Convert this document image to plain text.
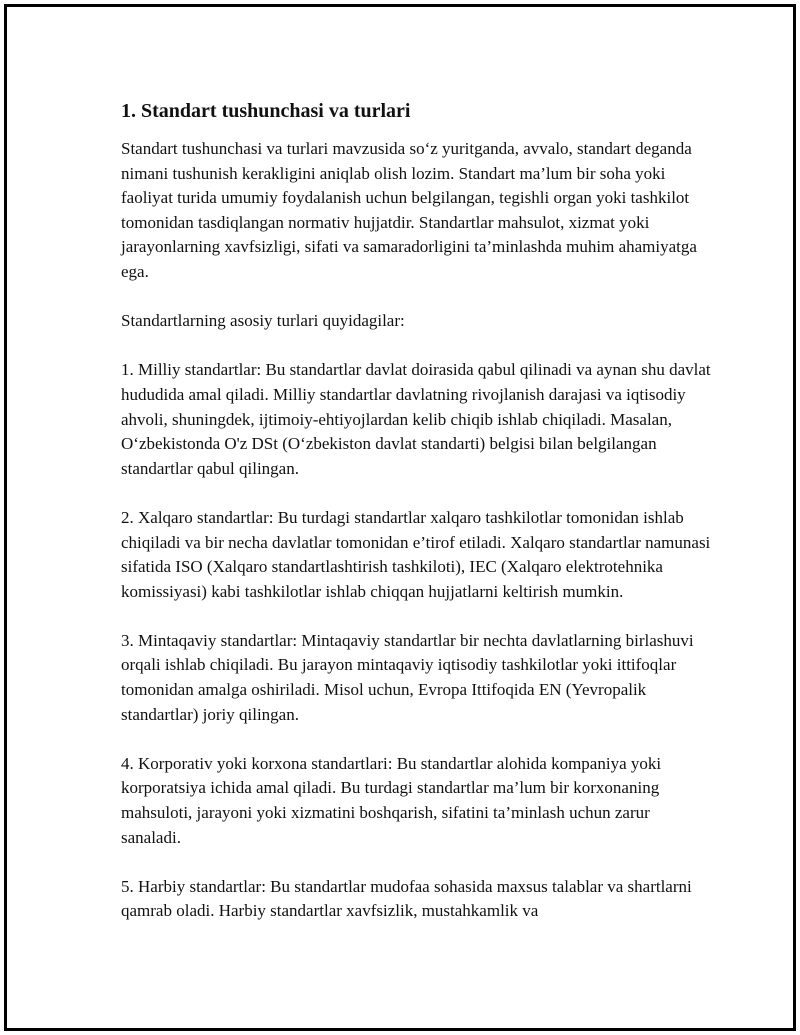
1. Standart tushunchasi va turlari

Standart tushunchasi va turlari mavzusida so‘z yuritganda, avvalo, standart deganda nimani tushunish kerakligini aniqlab olish lozim. Standart ma’lum bir soha yoki faoliyat turida umumiy foydalanish uchun belgilangan, tegishli organ yoki tashkilot tomonidan tasdiqlangan normativ hujjatdir. Standartlar mahsulot, xizmat yoki jarayonlarning xavfsizligi, sifati va samaradorligini ta’minlashda muhim ahamiyatga ega.

Standartlarning asosiy turlari quyidagilar:

1. Milliy standartlar: Bu standartlar davlat doirasida qabul qilinadi va aynan shu davlat hududida amal qiladi. Milliy standartlar davlatning rivojlanish darajasi va iqtisodiy ahvoli, shuningdek, ijtimoiy-ehtiyojlardan kelib chiqib ishlab chiqiladi. Masalan, O‘zbekistonda O'z DSt (O‘zbekiston davlat standarti) belgisi bilan belgilangan standartlar qabul qilingan.

2. Xalqaro standartlar: Bu turdagi standartlar xalqaro tashkilotlar tomonidan ishlab chiqiladi va bir necha davlatlar tomonidan e’tirof etiladi. Xalqaro standartlar namunasi sifatida ISO (Xalqaro standartlashtirish tashkiloti), IEC (Xalqaro elektrotehnika komissiyasi) kabi tashkilotlar ishlab chiqqan hujjatlarni keltirish mumkin.

3. Mintaqaviy standartlar: Mintaqaviy standartlar bir nechta davlatlarning birlashuvi orqali ishlab chiqiladi. Bu jarayon mintaqaviy iqtisodiy tashkilotlar yoki ittifoqlar tomonidan amalga oshiriladi. Misol uchun, Evropa Ittifoqida EN (Yevropalik standartlar) joriy qilingan.

4. Korporativ yoki korxona standartlari: Bu standartlar alohida kompaniya yoki korporatsiya ichida amal qiladi. Bu turdagi standartlar ma’lum bir korxonaning mahsuloti, jarayoni yoki xizmatini boshqarish, sifatini ta’minlash uchun zarur sanaladi.

5. Harbiy standartlar: Bu standartlar mudofaa sohasida maxsus talablar va shartlarni qamrab oladi. Harbiy standartlar xavfsizlik, mustahkamlik va
